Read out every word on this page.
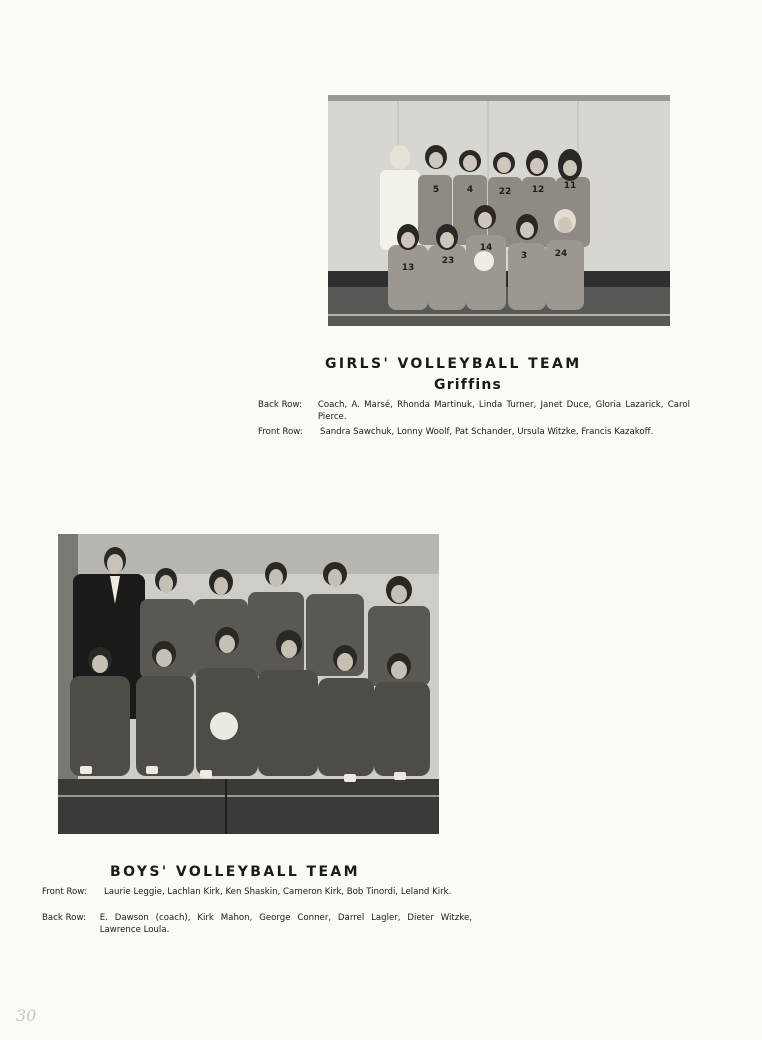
5	4	22 12 11
13
23
14
3	24
GIRLS' VOLLEYBALL TEAM
Griffins
Back Row:	Coach, A. Marsé, Rhonda Martinuk, Linda Turner, Janet Duce, Gloria Lazarick, Carol Pierce.
Front Row:	Sandra Sawchuk, Lonny Woolf, Pat Schander, Ursula Witzke, Francis Kazakoff.
BOYS' VOLLEYBALL TEAM
Front Row:	Laurie Leggie, Lachlan Kirk, Ken Shaskin, Cameron Kirk, Bob Tinordi, Leland Kirk.
Back Row:	E. Dawson (coach), Kirk Mahon, George Conner, Darrel Lagler, Dieter Witzke, Lawrence Loula.
30
